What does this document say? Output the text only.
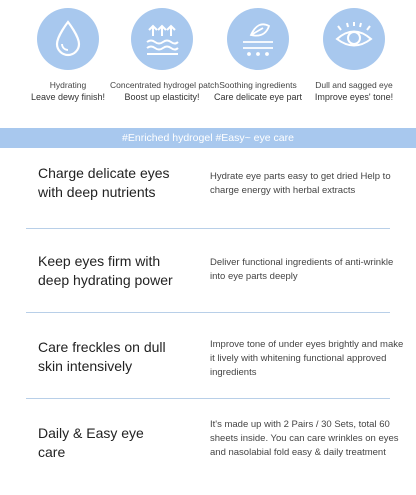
Hydrating
Leave dewy finish!
Concentrated hydrogel patch
Boost up elasticity!
Soothing ingredients
Care delicate eye part
Dull and sagged eye
Improve eyes' tone!
#Enriched hydrogel #Easy~ eye care
Charge delicate eyes with deep nutrients
Hydrate eye parts easy to get dried Help to charge energy with herbal extracts
Keep eyes firm with deep hydrating power
Deliver functional ingredients of anti-wrinkle into eye parts deeply
Care freckles on dull skin intensively
Improve tone of under eyes brightly and make it lively with whitening functional approved ingredients
Daily & Easy eye care
It's made up with 2 Pairs / 30 Sets, total 60 sheets inside. You can care wrinkles on eyes and nasolabial fold easy & daily treatment
